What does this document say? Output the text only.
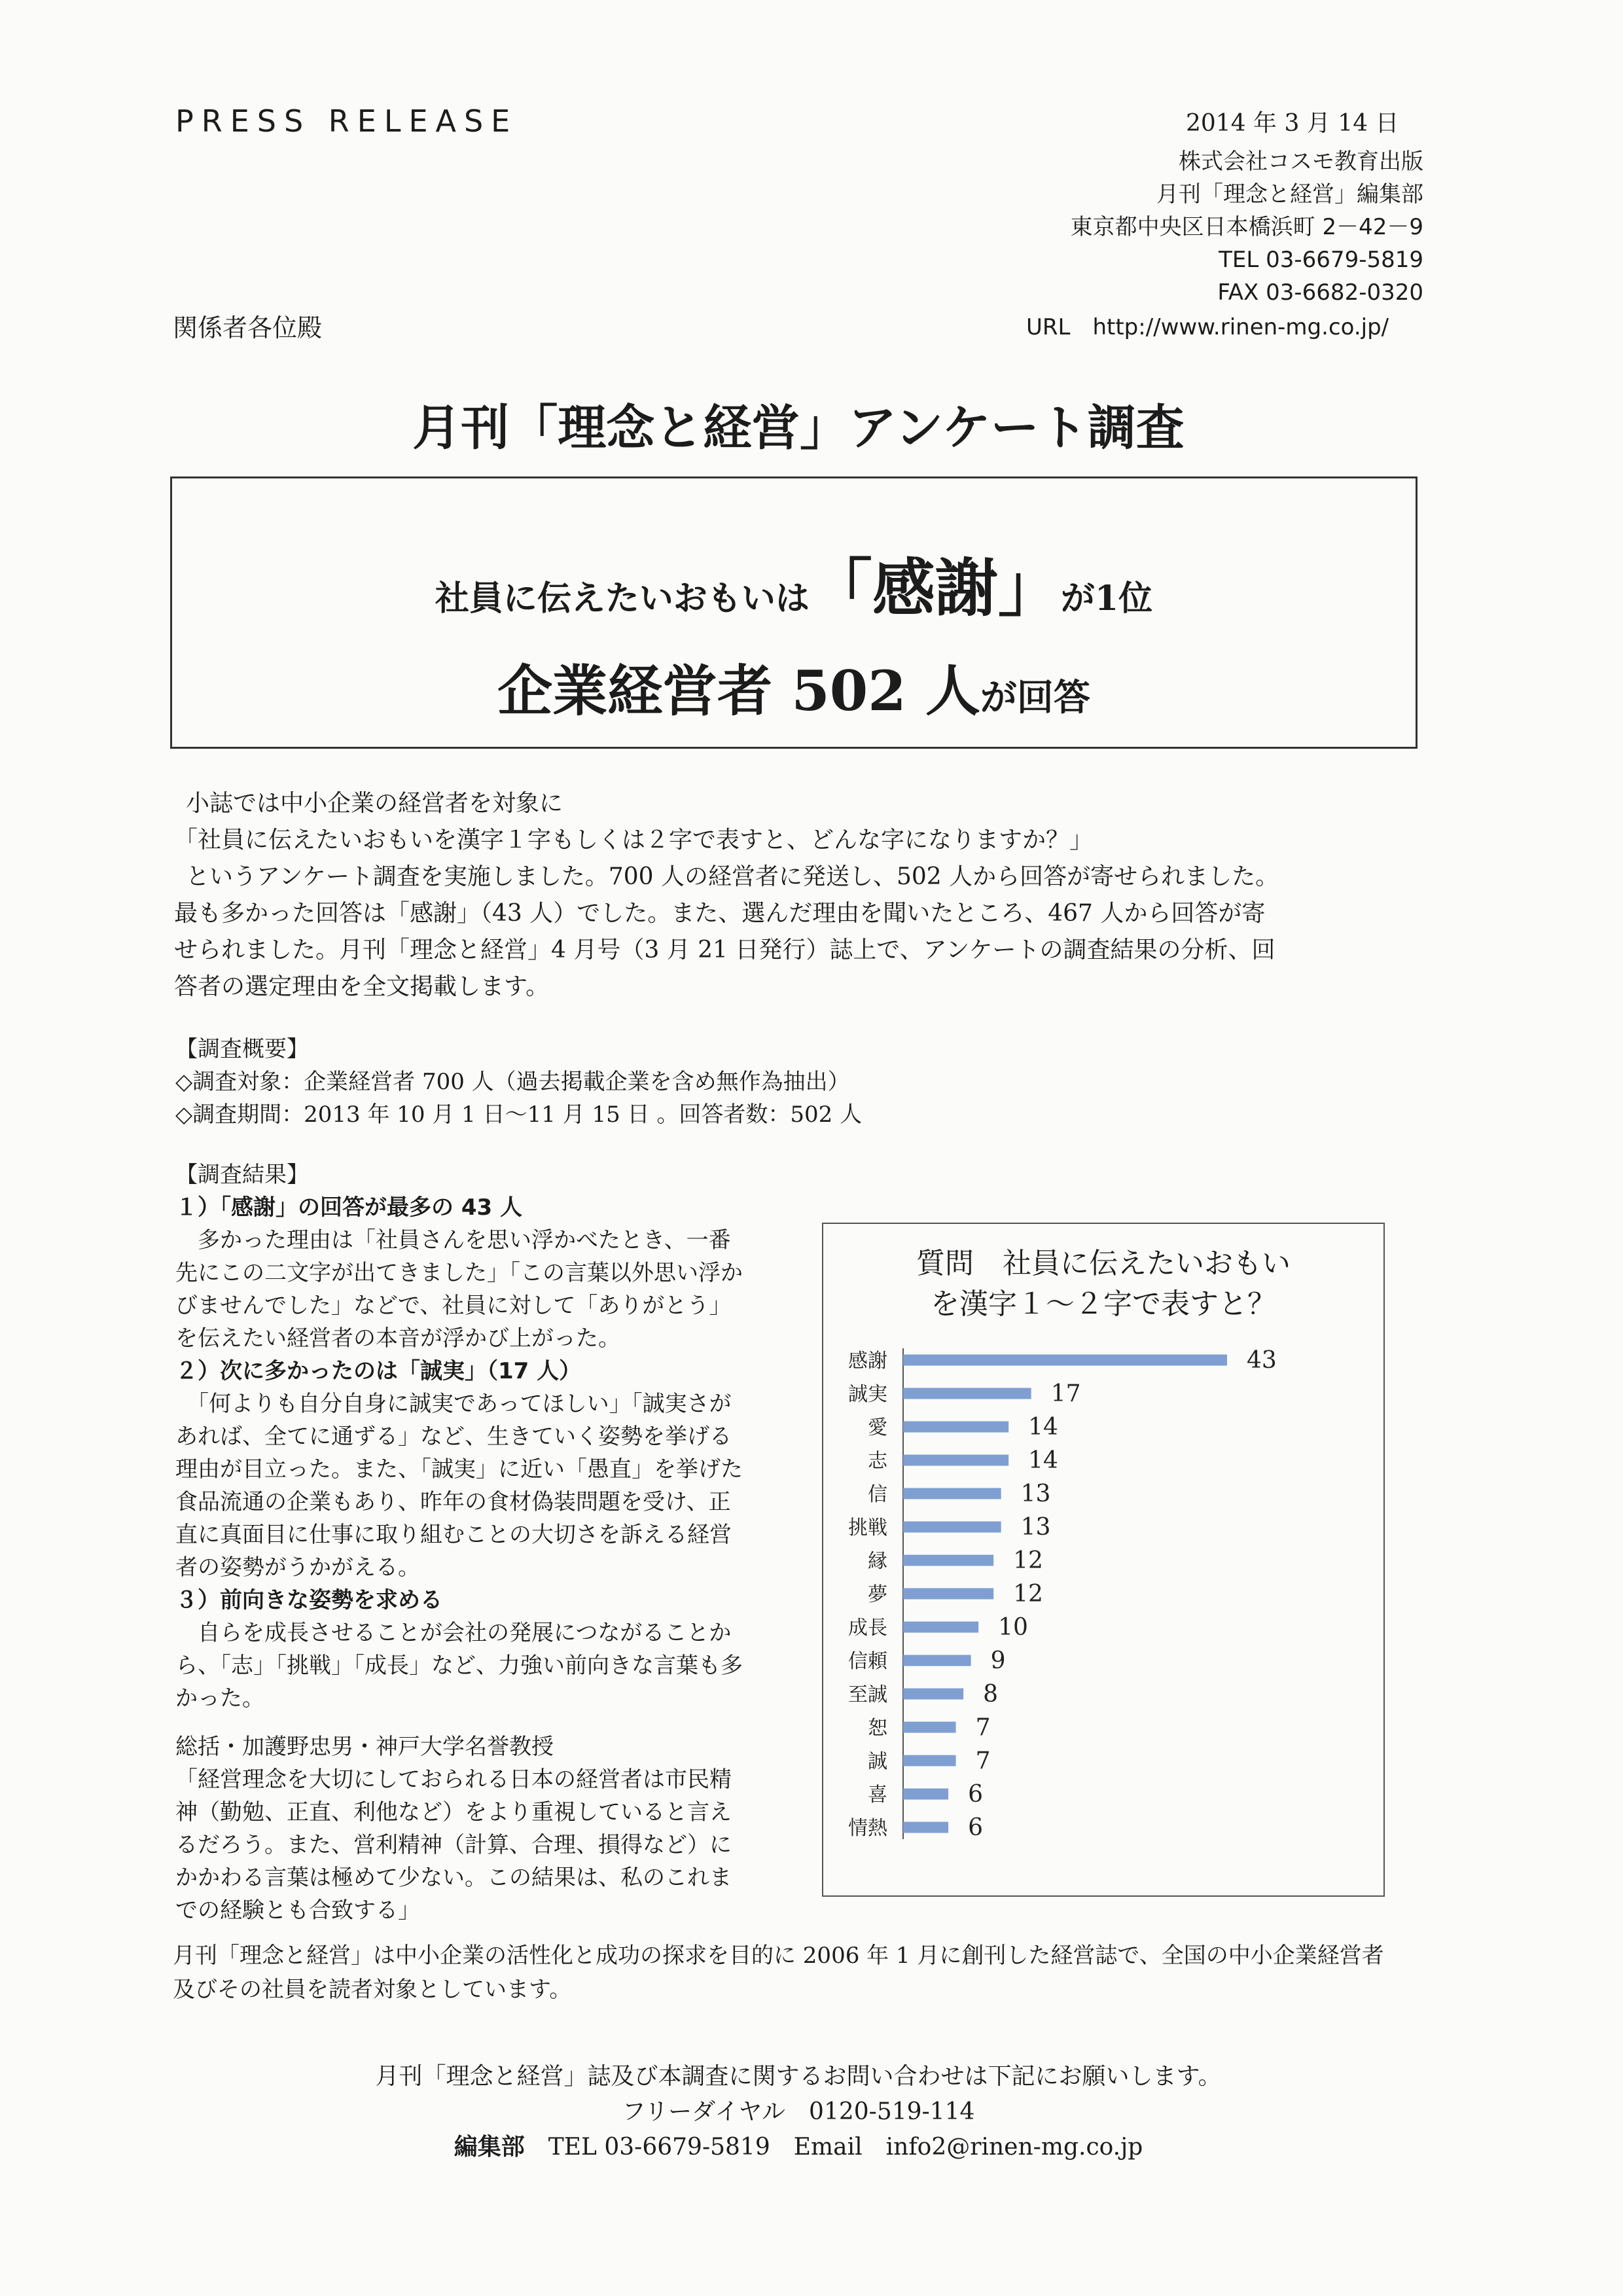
PRESS RELEASE	2014 年 3 月 14 日
株式会社コスモ教育出版
月刊「理念と経営」編集部
東京都中央区日本橋浜町 2－42－9
TEL 03-6679-5819
FAX 03-6682-0320
関係者各位殿	URL　http://www.rinen-mg.co.jp/
月刊「理念と経営」アンケート調査
社員に伝えたいおもいは「感謝」が1位
企業経営者 502 人が回答

小誌では中小企業の経営者を対象に

「社員に伝えたいおもいを漢字１字もしくは２字で表すと、どんな字になりますか？」

というアンケート調査を実施しました。700 人の経営者に発送し、502 人から回答が寄せられました。

最も多かった回答は「感謝」（43 人）でした。また、選んだ理由を聞いたところ、467 人から回答が寄

せられました。月刊「理念と経営」4 月号（3 月 21 日発行）誌上で、アンケートの調査結果の分析、回

答者の選定理由を全文掲載します。

【調査概要】

◇調査対象：企業経営者 700 人（過去掲載企業を含め無作為抽出）

◇調査期間：2013 年 10 月 1 日～11 月 15 日 。回答者数：502 人

【調査結果】

１）「感謝」の回答が最多の 43 人

　多かった理由は「社員さんを思い浮かべたとき、一番

先にこの二文字が出てきました」「この言葉以外思い浮か

びませんでした」などで、社員に対して「ありがとう」

を伝えたい経営者の本音が浮かび上がった。

２）次に多かったのは「誠実」（17 人）

　「何よりも自分自身に誠実であってほしい」「誠実さが

あれば、全てに通ずる」など、生きていく姿勢を挙げる

理由が目立った。また、「誠実」に近い「愚直」を挙げた

食品流通の企業もあり、昨年の食材偽装問題を受け、正

直に真面目に仕事に取り組むことの大切さを訴える経営

者の姿勢がうかがえる。

３）前向きな姿勢を求める

　自らを成長させることが会社の発展につながることか

ら、「志」「挑戦」「成長」など、力強い前向きな言葉も多

かった。

総括・加護野忠男・神戸大学名誉教授

「経営理念を大切にしておられる日本の経営者は市民精

神（勤勉、正直、利他など）をより重視していると言え

るだろう。また、営利精神（計算、合理、損得など）に

かかわる言葉は極めて少ない。この結果は、私のこれま

での経験とも合致する」

質問　社員に伝えたいおもい
を漢字１～２字で表すと？
感謝	43
誠実	17
愛	14
志	14
信	13
挑戦	13
縁	12
夢	12
成長	10
信頼	9
至誠	8
恕	7
誠	7
喜	6
情熱	6

月刊「理念と経営」は中小企業の活性化と成功の探求を目的に 2006 年 1 月に創刊した経営誌で、全国の中小企業経営者

及びその社員を読者対象としています。

月刊「理念と経営」誌及び本調査に関するお問い合わせは下記にお願いします。

フリーダイヤル　0120-519-114

編集部　 TEL 03-6679-5819　 Email　info2@rinen-mg.co.jp
